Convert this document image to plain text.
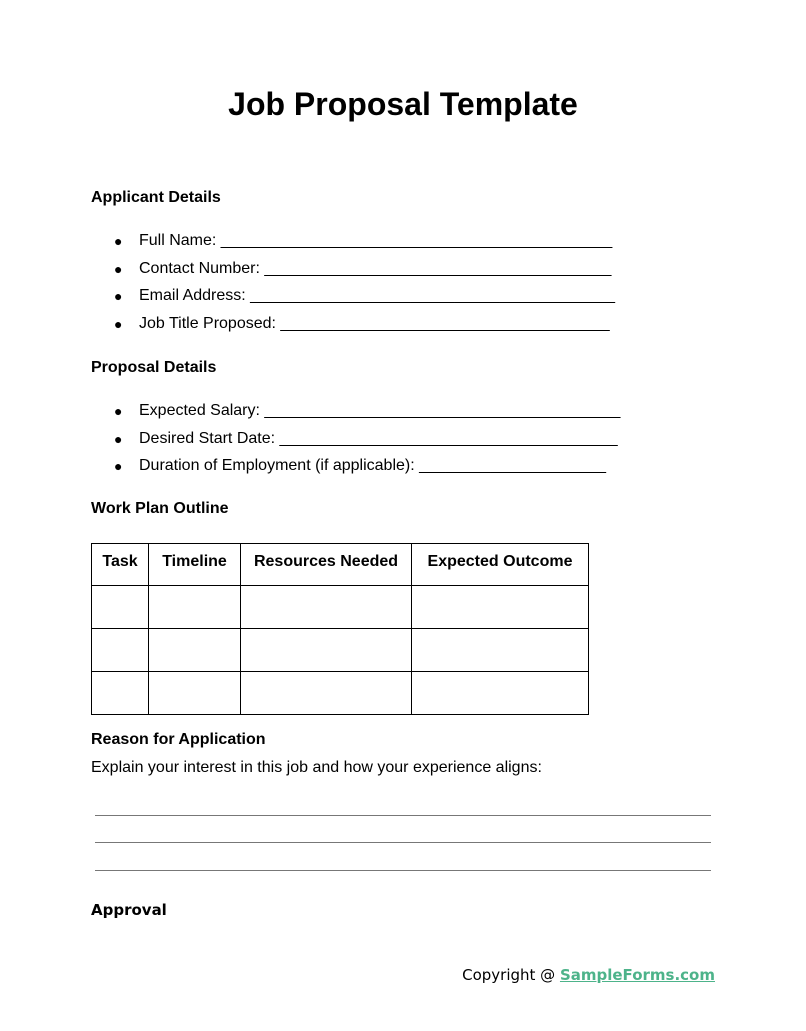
Job Proposal Template
Applicant Details
● Full Name: ____________________________________________
● Contact Number: _______________________________________
● Email Address: _________________________________________
● Job Title Proposed: _____________________________________
Proposal Details
● Expected Salary: ________________________________________
● Desired Start Date: ______________________________________
● Duration of Employment (if applicable): _____________________
Work Plan Outline
Task	Timeline	Resources Needed	Expected Outcome

Reason for Application
Explain your interest in this job and how your experience aligns:
Approval
Copyright @ SampleForms.com
